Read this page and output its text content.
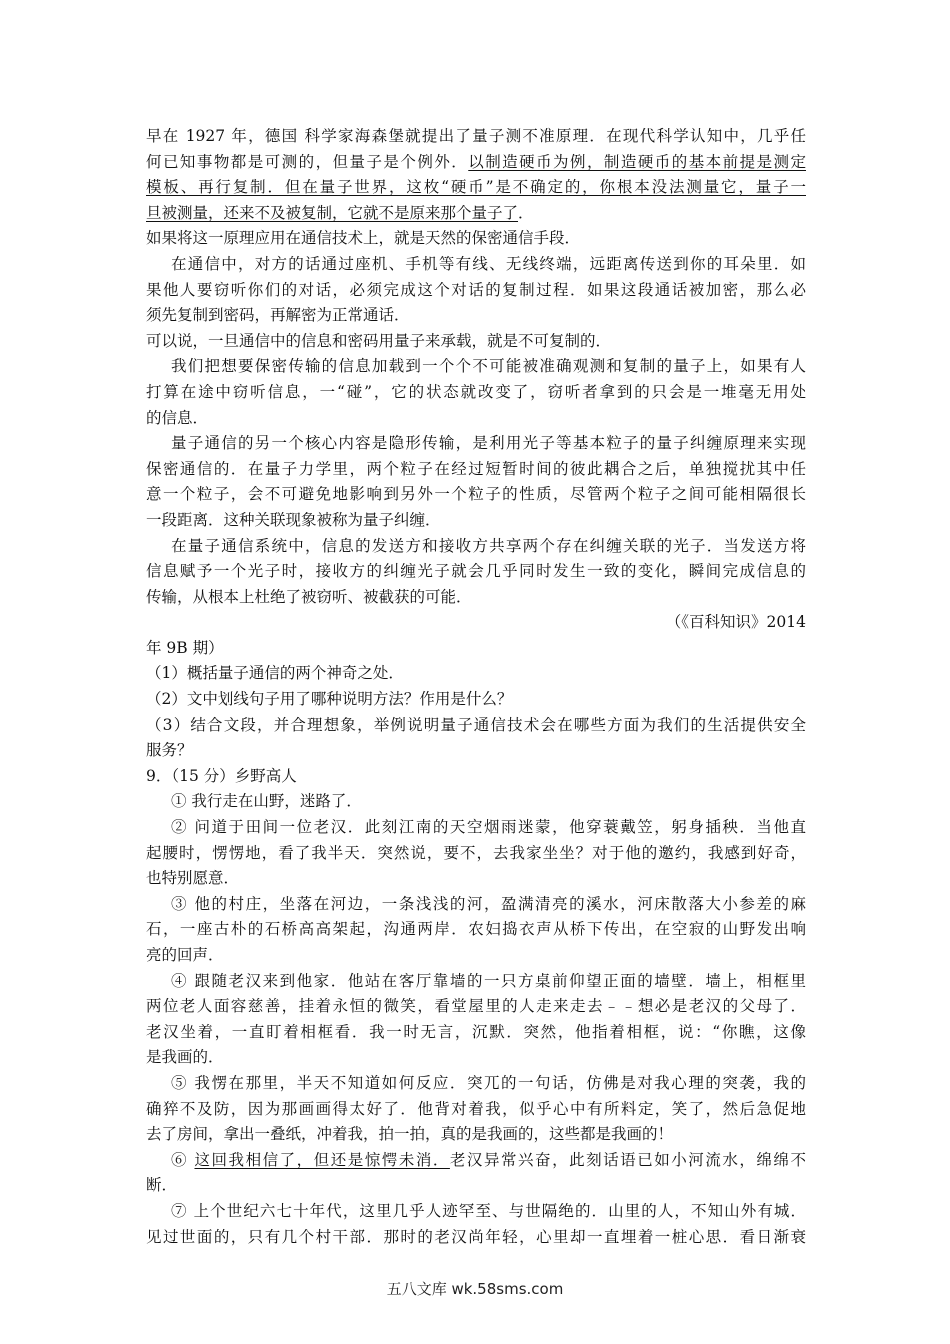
早在 1927 年，德国 科学家海森堡就提出了量子测不准原理．在现代科学认知中，几乎任
何已知事物都是可测的，但量子是个例外．以制造硬币为例，制造硬币的基本前提是测定
模板、再行复制．但在量子世界，这枚“硬币”是不确定的，你根本没法测量它，量子一
旦被测量，还来不及被复制，它就不是原来那个量子了．
如果将这一原理应用在通信技术上，就是天然的保密通信手段．
在通信中，对方的话通过座机、手机等有线、无线终端，远距离传送到你的耳朵里．如
果他人要窃听你们的对话，必须完成这个对话的复制过程．如果这段通话被加密，那么必
须先复制到密码，再解密为正常通话．
可以说，一旦通信中的信息和密码用量子来承载，就是不可复制的．
我们把想要保密传输的信息加载到一个个不可能被准确观测和复制的量子上，如果有人
打算在途中窃听信息，一“碰”，它的状态就改变了，窃听者拿到的只会是一堆毫无用处
的信息．
量子通信的另一个核心内容是隐形传输，是利用光子等基本粒子的量子纠缠原理来实现
保密通信的．在量子力学里，两个粒子在经过短暂时间的彼此耦合之后，单独搅扰其中任
意一个粒子，会不可避免地影响到另外一个粒子的性质，尽管两个粒子之间可能相隔很长
一段距离．这种关联现象被称为量子纠缠．
在量子通信系统中，信息的发送方和接收方共享两个存在纠缠关联的光子．当发送方将
信息赋予一个光子时，接收方的纠缠光子就会几乎同时发生一致的变化，瞬间完成信息的
传输，从根本上杜绝了被窃听、被截获的可能．
（《百科知识》2014
年 9B 期）
（1）概括量子通信的两个神奇之处．
（2）文中划线句子用了哪种说明方法？作用是什么？
（3）结合文段，并合理想象，举例说明量子通信技术会在哪些方面为我们的生活提供安全
服务？
9．（15 分）乡野高人
① 我行走在山野，迷路了．
② 问道于田间一位老汉．此刻江南的天空烟雨迷蒙，他穿蓑戴笠，躬身插秧．当他直
起腰时，愣愣地，看了我半天．突然说，要不，去我家坐坐？对于他的邀约，我感到好奇，
也特别愿意．
③ 他的村庄，坐落在河边，一条浅浅的河，盈满清亮的溪水，河床散落大小参差的麻
石，一座古朴的石桥高高架起，沟通两岸．农妇捣衣声从桥下传出，在空寂的山野发出响
亮的回声．
④ 跟随老汉来到他家．他站在客厅靠墙的一只方桌前仰望正面的墙壁．墙上，相框里
两位老人面容慈善，挂着永恒的微笑，看堂屋里的人走来走去﹣﹣想必是老汉的父母了．
老汉坐着，一直盯着相框看．我一时无言，沉默．突然，他指着相框，说：“你瞧，这像
是我画的．
⑤ 我愣在那里，半天不知道如何反应．突兀的一句话，仿佛是对我心理的突袭，我的
确猝不及防，因为那画画得太好了．他背对着我，似乎心中有所料定，笑了，然后急促地
去了房间，拿出一叠纸，冲着我，拍一拍，真的是我画的，这些都是我画的！
⑥ 这回我相信了，但还是惊愕未消．老汉异常兴奋，此刻话语已如小河流水，绵绵不
断．
⑦ 上个世纪六七十年代，这里几乎人迹罕至、与世隔绝的．山里的人，不知山外有城．
见过世面的，只有几个村干部．那时的老汉尚年轻，心里却一直埋着一桩心思．看日渐衰
五八文库 wk.58sms.com
